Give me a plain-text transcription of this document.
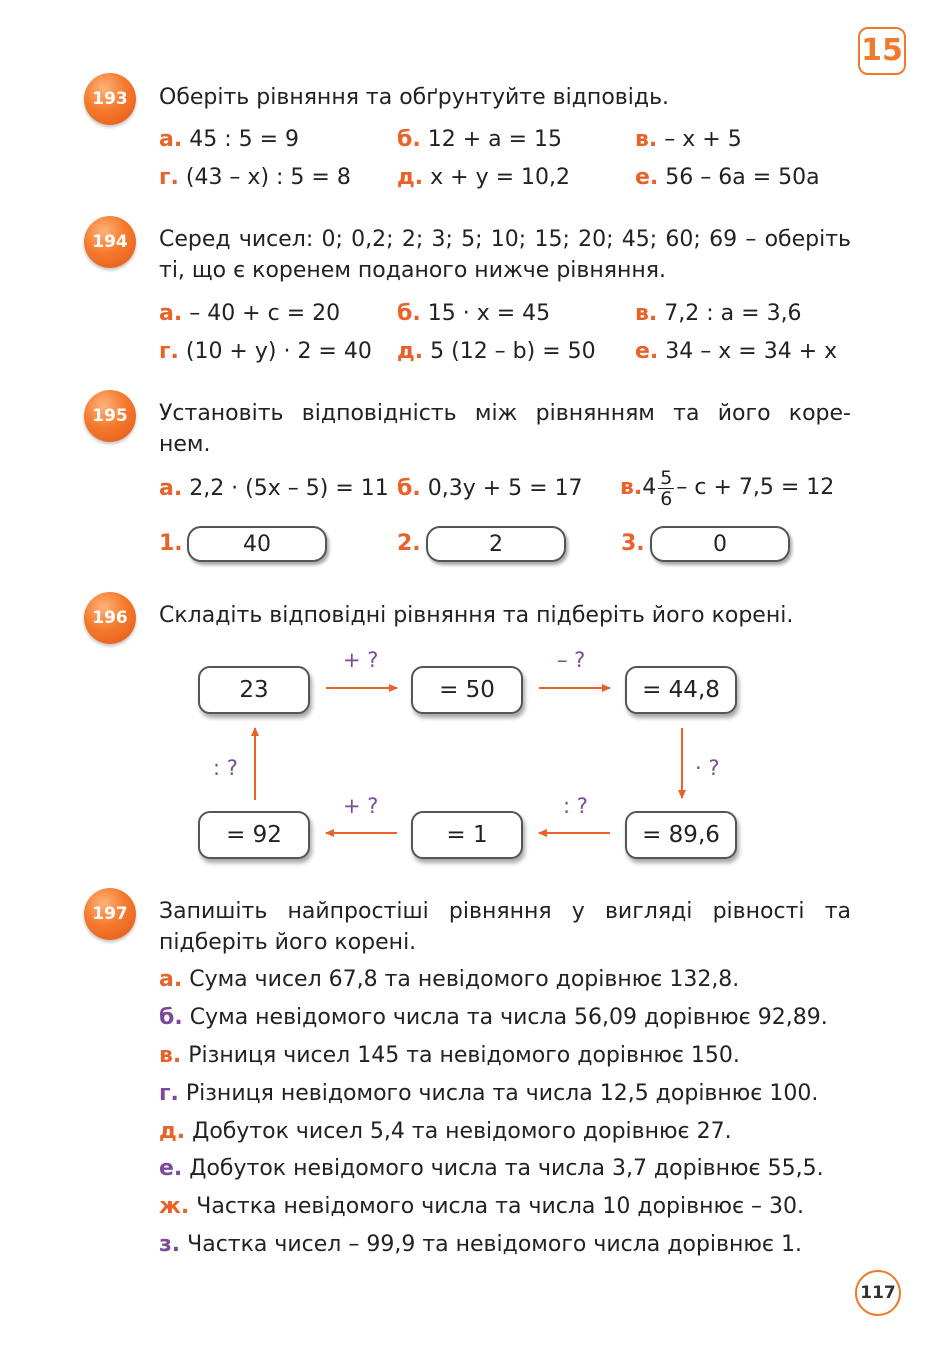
15
193	Оберіть рівняння та обґрунтуйте відповідь.
а. 45 : 5 = 9	б. 12 + a = 15	в. – x + 5
г. (43 – x) : 5 = 8 д. x + y = 10,2	е. 56 – 6a = 50a
194	Серед чисел: 0; 0,2; 2; 3; 5; 10; 15; 20; 45; 60; 69 – оберіть
ті, що є коренем поданого нижче рівняння.
а. – 40 + c = 20	б. 15 · x = 45	в. 7,2 : a = 3,6
г. (10 + y) · 2 = 40 д. 5 (12 – b) = 50 е. 34 – x = 34 + x
195	Установіть відповідність між рівнянням та його коре-
нем.
а. 2,2 · (5x – 5) = 11 б. 0,3y + 5 = 17 $в.4 \frac{5}{6} - c + 7,5 = 12$
1.	40	2.	2	3.	0
196	Складіть відповідні рівняння та підберіть його корені.
23	= 50	= 44,8
= 89,6
= 1
= 92
+ ?	– ?
· ?
: ?
+ ?
: ?
197	Запишіть найпростіші рівняння у вигляді рівності та
підберіть його корені.
а. Сума чисел 67,8 та невідомого дорівнює 132,8.
б. Сума невідомого числа та числа 56,09 дорівнює 92,89.
в. Різниця чисел 145 та невідомого дорівнює 150.
г. Різниця невідомого числа та числа 12,5 дорівнює 100.
д. Добуток чисел 5,4 та невідомого дорівнює 27.
е. Добуток невідомого числа та числа 3,7 дорівнює 55,5.
ж. Частка невідомого числа та числа 10 дорівнює – 30.
з. Частка чисел – 99,9 та невідомого числа дорівнює 1.
117
